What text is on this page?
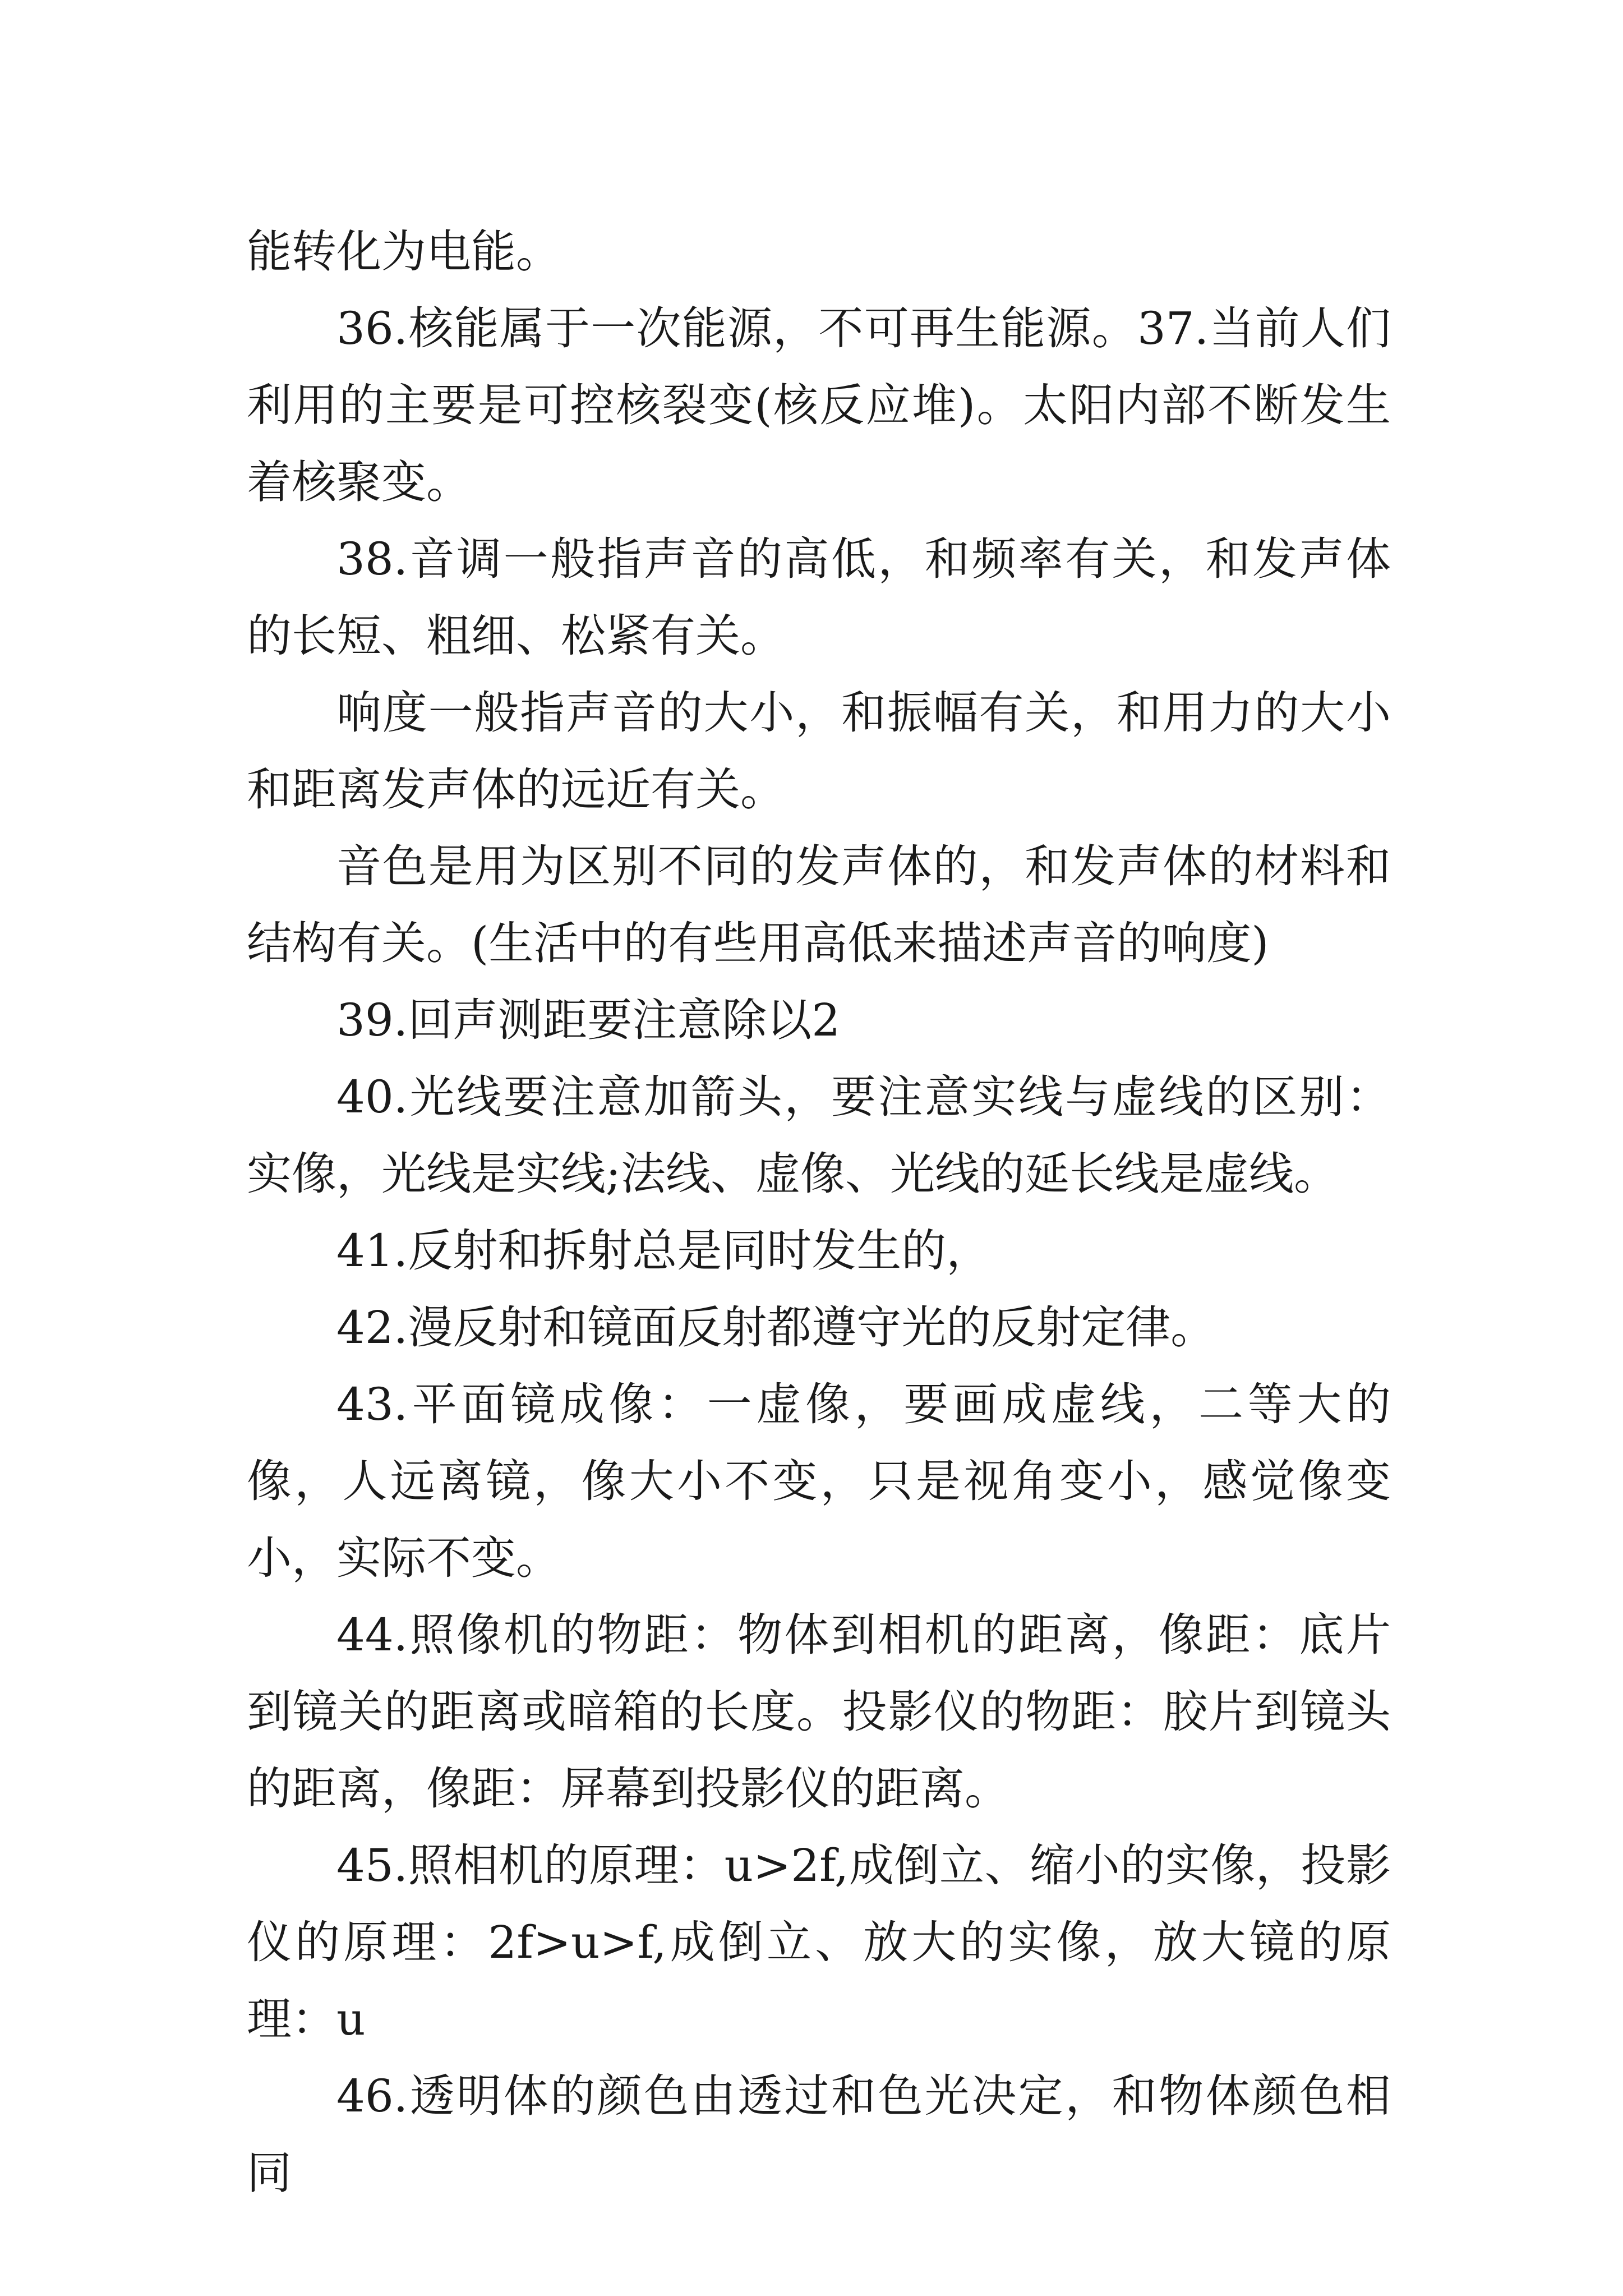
能转化为电能。

36.核能属于一次能源，不可再生能源。37.当前人们利用的主要是可控核裂变(核反应堆)。太阳内部不断发生着核聚变。

38.音调一般指声音的高低，和频率有关，和发声体的长短、粗细、松紧有关。

响度一般指声音的大小，和振幅有关，和用力的大小和距离发声体的远近有关。

音色是用为区别不同的发声体的，和发声体的材料和结构有关。(生活中的有些用高低来描述声音的响度)

39.回声测距要注意除以2

40.光线要注意加箭头，要注意实线与虚线的区别：实像，光线是实线;法线、虚像、光线的延长线是虚线。

41.反射和拆射总是同时发生的，

42.漫反射和镜面反射都遵守光的反射定律。

43.平面镜成像：一虚像，要画成虚线，二等大的像，人远离镜，像大小不变，只是视角变小，感觉像变小，实际不变。

44.照像机的物距：物体到相机的距离，像距：底片到镜关的距离或暗箱的长度。投影仪的物距：胶片到镜头的距离，像距：屏幕到投影仪的距离。

45.照相机的原理：u>2f,成倒立、缩小的实像，投影仪的原理：2f>u>f,成倒立、放大的实像，放大镜的原理：u

46.透明体的颜色由透过和色光决定，和物体颜色相同
